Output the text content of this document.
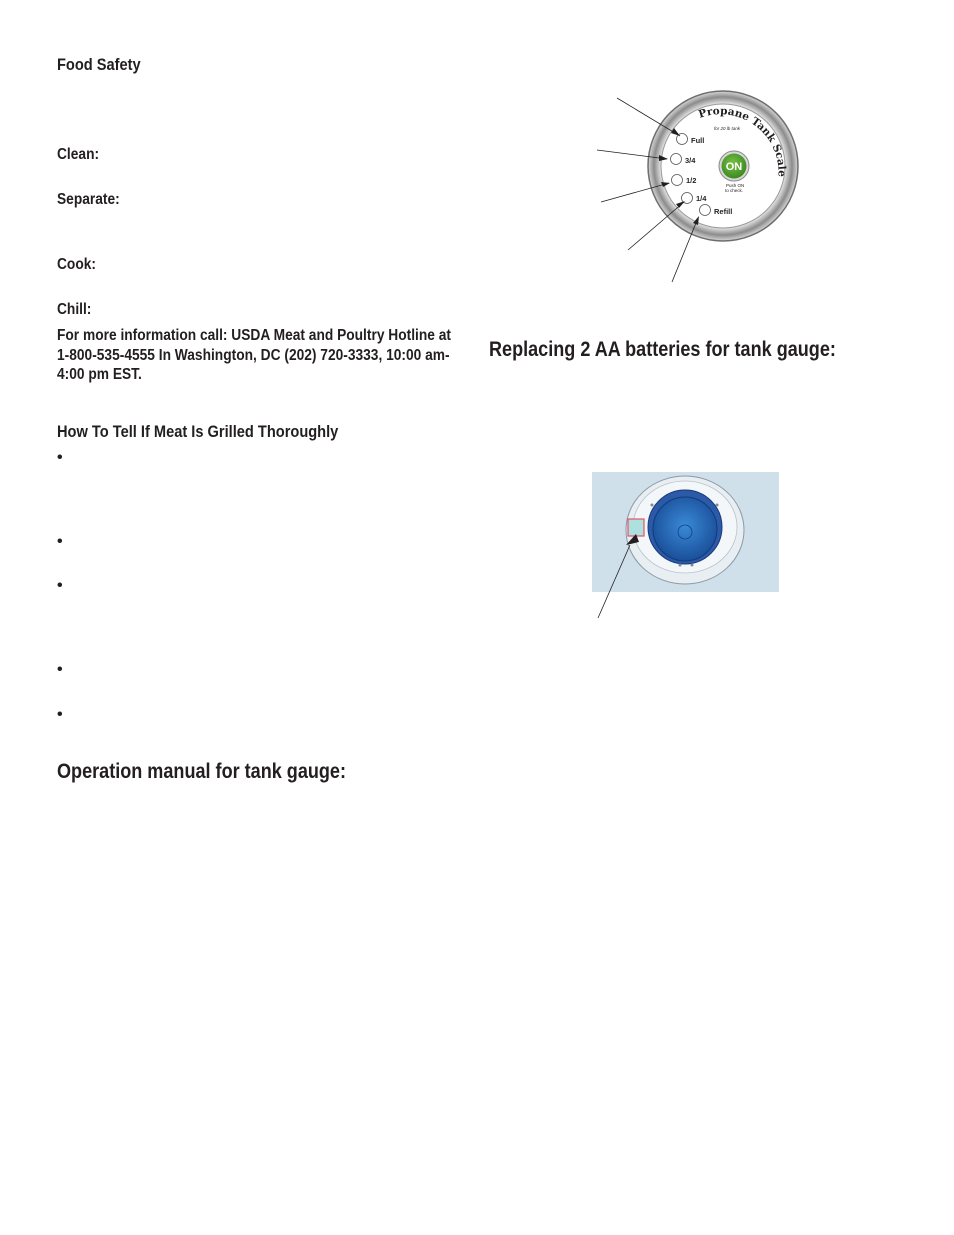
Food Safety
Clean:
Separate:
Cook:
Chill:
For more information call: USDA Meat and Poultry Hotline at
1-800-535-4555 In Washington, DC (202) 720-3333, 10:00 am-
4:00 pm EST.
How To Tell If Meat Is Grilled Thoroughly
•
•
•
•
•
Operation manual for tank gauge:
Replacing 2 AA batteries for tank gauge:
Propane Tank Scale
for 20 lb tank
Full
3/4
1/2
1/4
Refill
ON
Push ON
to check.
